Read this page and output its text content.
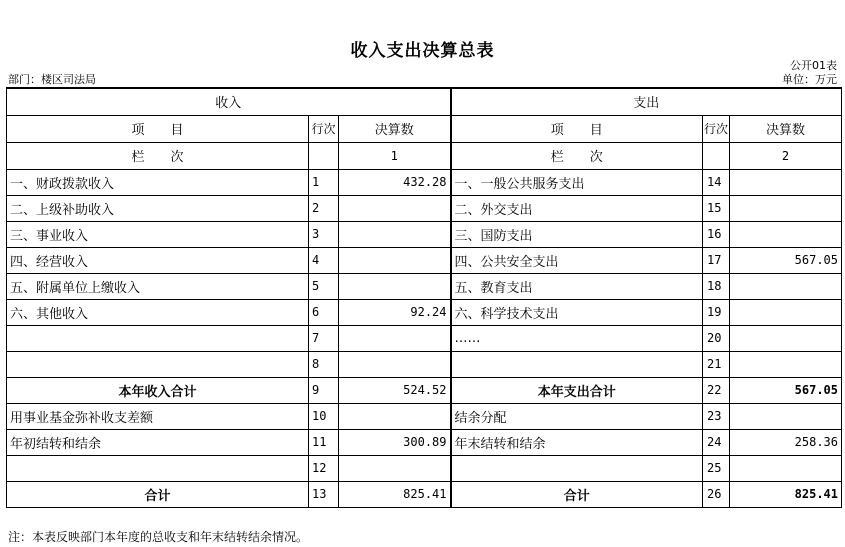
收入支出决算总表
公开01表
部门：楼区司法局	单位：万元
收入			支出		
项　　目	行次	决算数	项　　目	行次	决算数
栏　　次		1	栏　　次		2
一、财政拨款收入	1	432.28	一、一般公共服务支出	14	
二、上级补助收入	2		二、外交支出	15	
三、事业收入	3		三、国防支出	16	
四、经营收入	4		四、公共安全支出	17	567.05
五、附属单位上缴收入	5		五、教育支出	18	
六、其他收入	6	92.24	六、科学技术支出	19	
	7		……	20	
	8			21	
本年收入合计	9	524.52	本年支出合计	22	567.05
用事业基金弥补收支差额	10		结余分配	23	
年初结转和结余	11	300.89	年末结转和结余	24	258.36
	12			25	
合计	13	825.41	合计	26	825.41
注：本表反映部门本年度的总收支和年末结转结余情况。
